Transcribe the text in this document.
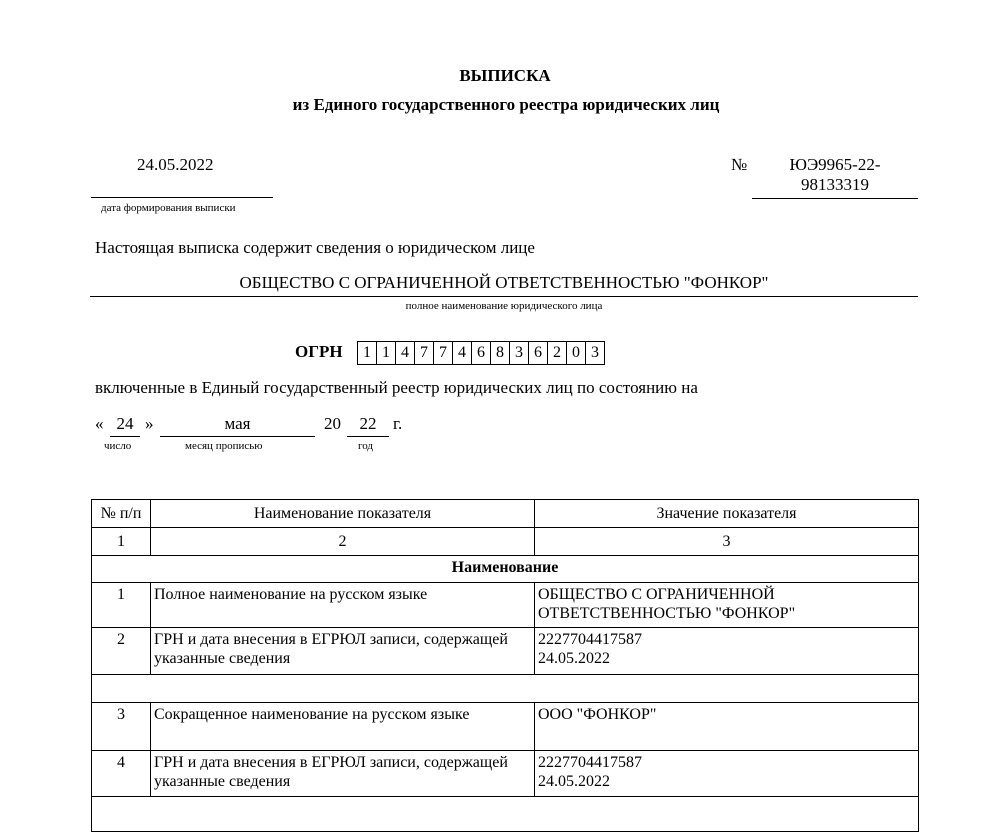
ВЫПИСКА
из Единого государственного реестра юридических лиц
24.05.2022
дата формирования выписки
№	ЮЭ9965-22-98133319
Настоящая выписка содержит сведения о юридическом лице
ОБЩЕСТВО С ОГРАНИЧЕННОЙ ОТВЕТСТВЕННОСТЬЮ "ФОНКОР"
полное наименование юридического лица
ОГРН	1 1 4 7 7 4 6 8 3 6 2 0 3
включенные в Единый государственный реестр юридических лиц по состоянию на
« 24 »	мая	20	22 г.
число	месяц прописью	год
№ п/п	Наименование показателя	Значение показателя
1	2	3
Наименование		
1	Полное наименование на русском языке	ОБЩЕСТВО С ОГРАНИЧЕННОЙ ОТВЕТСТВЕННОСТЬЮ "ФОНКОР"
2	ГРН и дата внесения в ЕГРЮЛ записи, содержащей указанные сведения	2227704417587
24.05.2022

3	Сокращенное наименование на русском языке	ООО "ФОНКОР"
4	ГРН и дата внесения в ЕГРЮЛ записи, содержащей указанные сведения	2227704417587
24.05.2022
